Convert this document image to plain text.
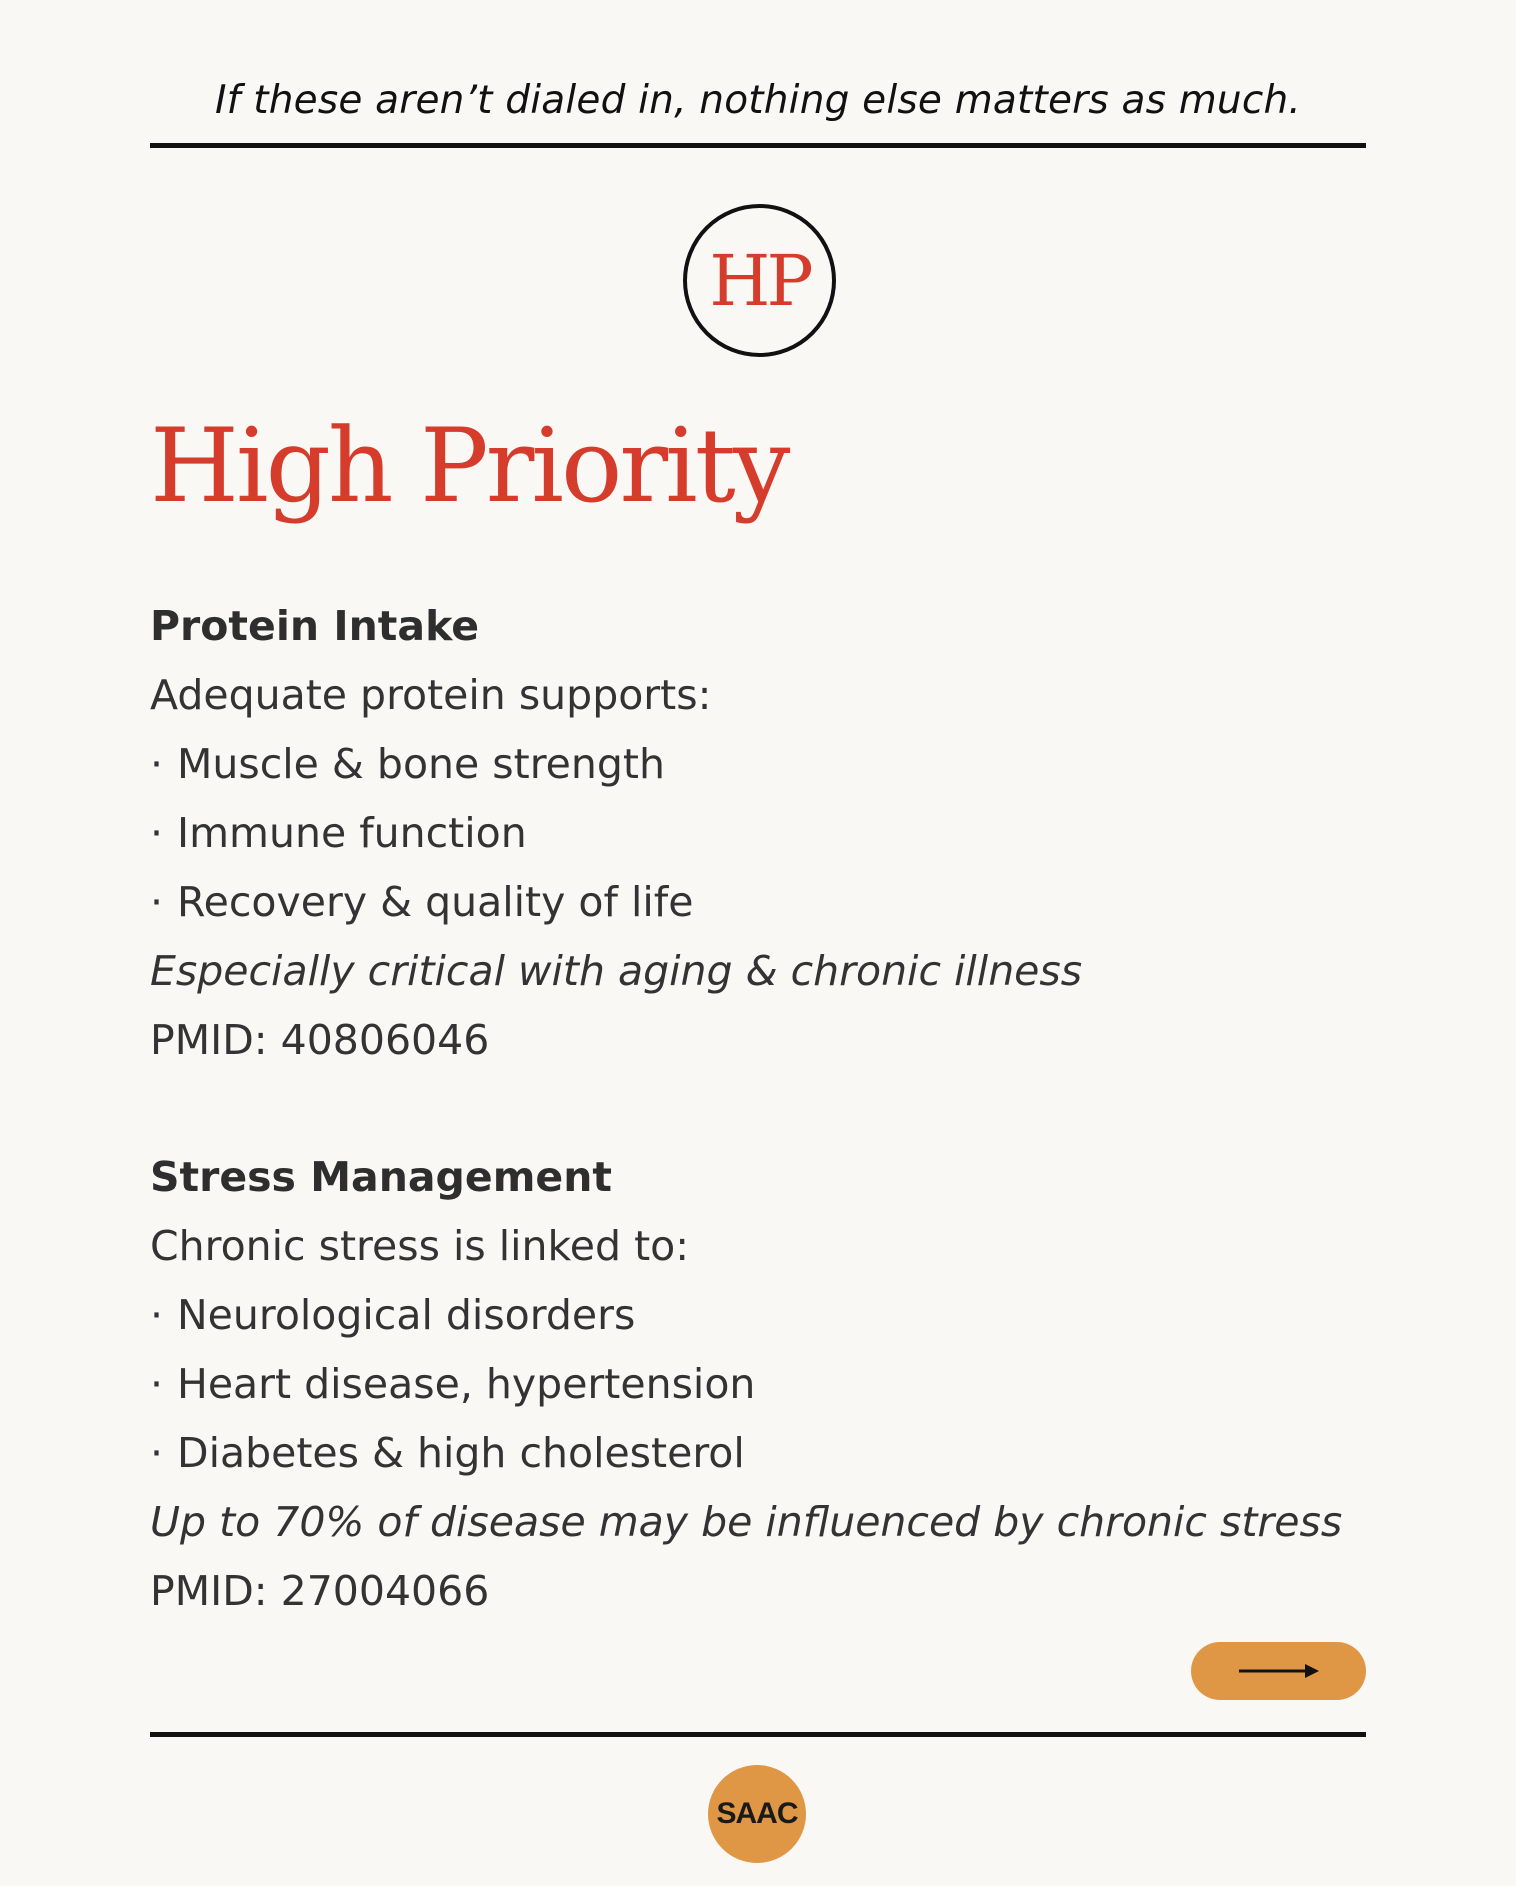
If these aren’t dialed in, nothing else matters as much.
HP
High Priority
Protein Intake
Adequate protein supports:
· Muscle & bone strength
· Immune function
· Recovery & quality of life
Especially critical with aging & chronic illness
PMID: 40806046
Stress Management
Chronic stress is linked to:
· Neurological disorders
· Heart disease, hypertension
· Diabetes & high cholesterol
Up to 70% of disease may be influenced by chronic stress
PMID: 27004066
SAAC
